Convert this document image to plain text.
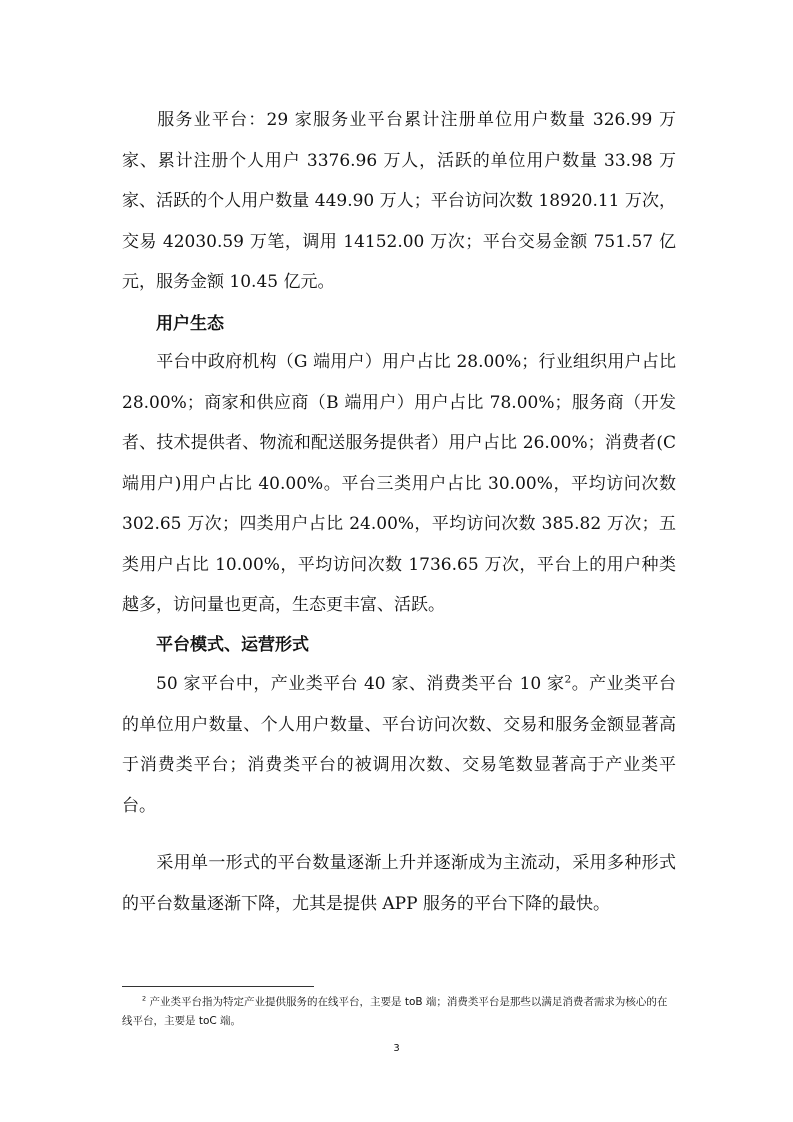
服务业平台：29 家服务业平台累计注册单位用户数量 326.99 万家、累计注册个人用户 3376.96 万人，活跃的单位用户数量 33.98 万家、活跃的个人用户数量 449.90 万人；平台访问次数 18920.11 万次，交易 42030.59 万笔，调用 14152.00 万次；平台交易金额 751.57 亿元，服务金额 10.45 亿元。

用户生态

平台中政府机构（G 端用户）用户占比 28.00%；行业组织用户占比 28.00%；商家和供应商（B 端用户）用户占比 78.00%；服务商（开发者、技术提供者、物流和配送服务提供者）用户占比 26.00%；消费者(C 端用户)用户占比 40.00%。平台三类用户占比 30.00%，平均访问次数 302.65 万次；四类用户占比 24.00%，平均访问次数 385.82 万次；五类用户占比 10.00%，平均访问次数 1736.65 万次，平台上的用户种类越多，访问量也更高，生态更丰富、活跃。

平台模式、运营形式

50 家平台中，产业类平台 40 家、消费类平台 10 家$^2$。产业类平台的单位用户数量、个人用户数量、平台访问次数、交易和服务金额显著高于消费类平台；消费类平台的被调用次数、交易笔数显著高于产业类平台。

采用单一形式的平台数量逐渐上升并逐渐成为主流动，采用多种形式的平台数量逐渐下降，尤其是提供 APP 服务的平台下降的最快。

$^2$ 产业类平台指为特定产业提供服务的在线平台，主要是 toB 端；消费类平台是那些以满足消费者需求为核心的在线平台，主要是 toC 端。

3
